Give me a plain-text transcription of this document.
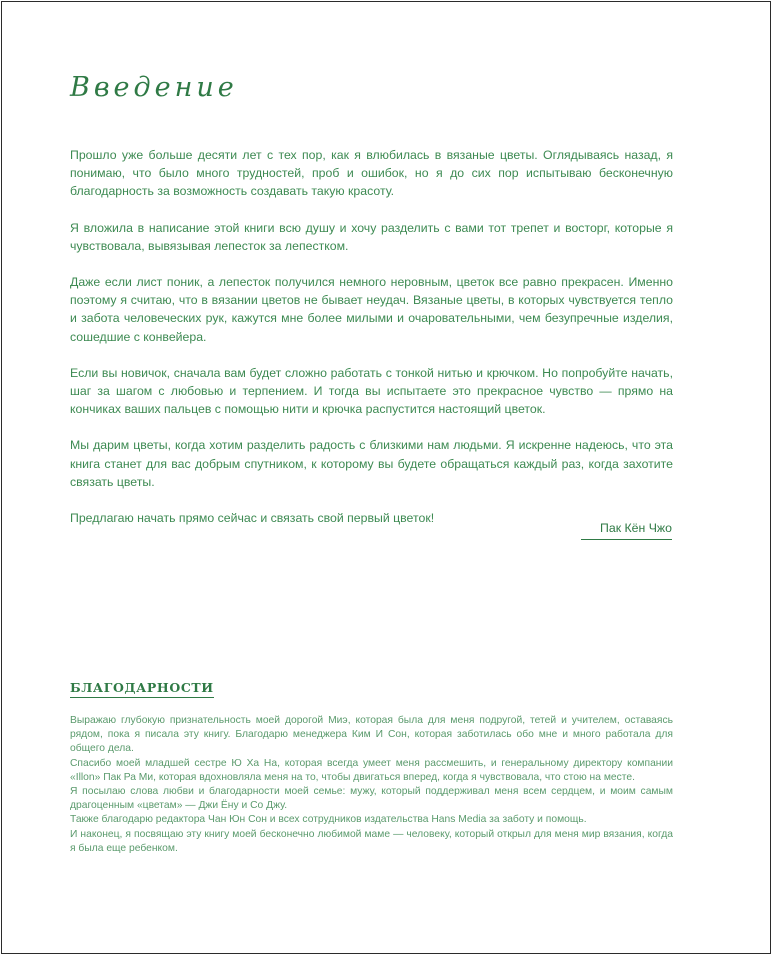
Введение

Прошло уже больше десяти лет с тех пор, как я влюбилась в вязаные цветы. Оглядываясь назад, я понимаю, что было много трудностей, проб и ошибок, но я до сих пор испытываю бесконечную благодарность за возможность создавать такую красоту.

Я вложила в написание этой книги всю душу и хочу разделить с вами тот трепет и восторг, которые я чувствовала, вывязывая лепесток за лепестком.

Даже если лист поник, а лепесток получился немного неровным, цветок все равно прекрасен. Именно поэтому я считаю, что в вязании цветов не бывает неудач. Вязаные цветы, в которых чувствуется тепло и забота человеческих рук, кажутся мне более милыми и очаровательными, чем безупречные изделия, сошедшие с конвейера.

Если вы новичок, сначала вам будет сложно работать с тонкой нитью и крючком. Но попробуйте начать, шаг за шагом с любовью и терпением. И тогда вы испытаете это прекрасное чувство — прямо на кончиках ваших пальцев с помощью нити и крючка распустится настоящий цветок.

Мы дарим цветы, когда хотим разделить радость с близкими нам людьми. Я искренне надеюсь, что эта книга станет для вас добрым спутником, к которому вы будете обращаться каждый раз, когда захотите связать цветы.

Предлагаю начать прямо сейчас и связать свой первый цветок!

Пак Кён Чжо
БЛАГОДАРНОСТИ

Выражаю глубокую признательность моей дорогой Миэ, которая была для меня подругой, тетей и учителем, оставаясь рядом, пока я писала эту книгу. Благодарю менеджера Ким И Сон, которая заботилась обо мне и много работала для общего дела.

Спасибо моей младшей сестре Ю Ха На, которая всегда умеет меня рассмешить, и генеральному директору компании «Illon» Пак Ра Ми, которая вдохновляла меня на то, чтобы двигаться вперед, когда я чувствовала, что стою на месте.

Я посылаю слова любви и благодарности моей семье: мужу, который поддерживал меня всем сердцем, и моим самым драгоценным «цветам» — Джи Ёну и Со Джу.

Также благодарю редактора Чан Юн Сон и всех сотрудников издательства Hans Media за заботу и помощь.

И наконец, я посвящаю эту книгу моей бесконечно любимой маме — человеку, который открыл для меня мир вязания, когда я была еще ребенком.
